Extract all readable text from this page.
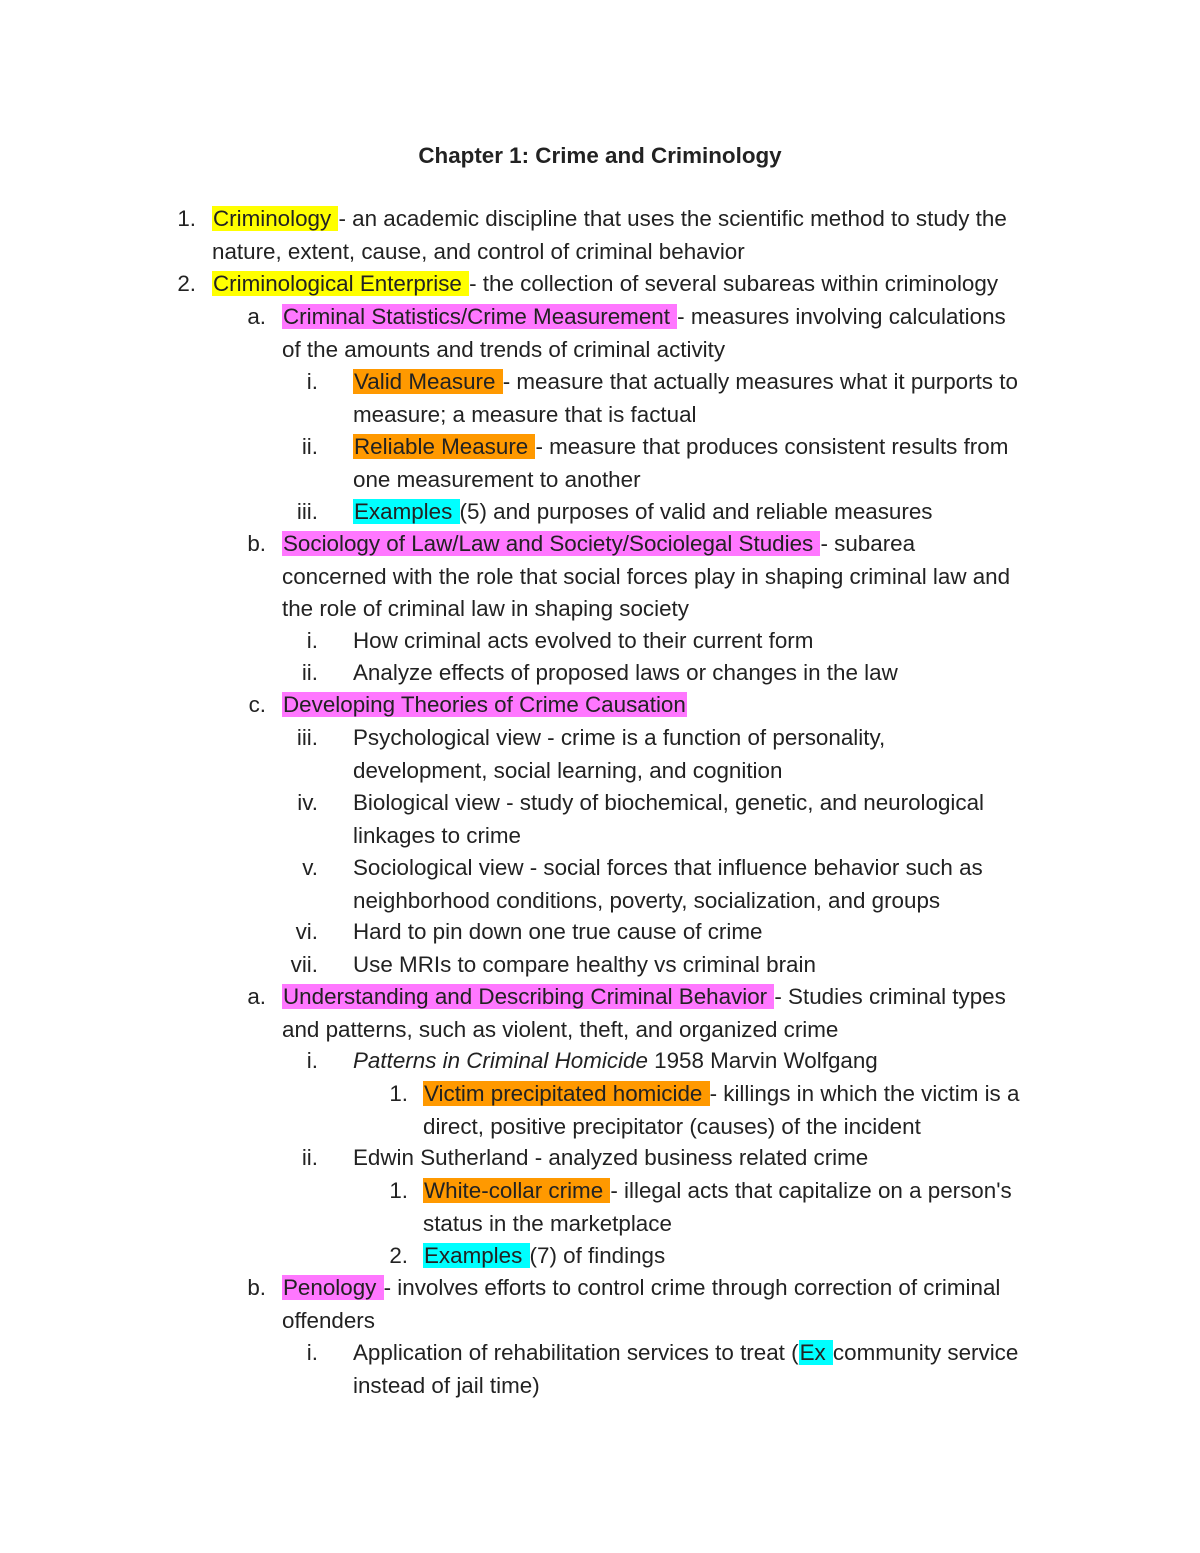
Chapter 1: Crime and Criminology
1. Criminology - an academic discipline that uses the scientific method to study the
nature, extent, cause, and control of criminal behavior
2. Criminological Enterprise - the collection of several subareas within criminology
a. Criminal Statistics/Crime Measurement - measures involving calculations
of the amounts and trends of criminal activity
i. Valid Measure - measure that actually measures what it purports to
measure; a measure that is factual
ii. Reliable Measure - measure that produces consistent results from
one measurement to another
iii. Examples (5) and purposes of valid and reliable measures
b. Sociology of Law/Law and Society/Sociolegal Studies - subarea
concerned with the role that social forces play in shaping criminal law and
the role of criminal law in shaping society
i. How criminal acts evolved to their current form
ii. Analyze effects of proposed laws or changes in the law
c. Developing Theories of Crime Causation
iii. Psychological view - crime is a function of personality,
development, social learning, and cognition
iv. Biological view - study of biochemical, genetic, and neurological
linkages to crime
v. Sociological view - social forces that influence behavior such as
neighborhood conditions, poverty, socialization, and groups
vi. Hard to pin down one true cause of crime
vii. Use MRIs to compare healthy vs criminal brain
a. Understanding and Describing Criminal Behavior - Studies criminal types
and patterns, such as violent, theft, and organized crime
i. Patterns in Criminal Homicide 1958 Marvin Wolfgang
1. Victim precipitated homicide - killings in which the victim is a
direct, positive precipitator (causes) of the incident
ii. Edwin Sutherland - analyzed business related crime
1. White-collar crime - illegal acts that capitalize on a person's
status in the marketplace
2. Examples (7) of findings
b. Penology - involves efforts to control crime through correction of criminal
offenders
i. Application of rehabilitation services to treat (Ex community service
instead of jail time)
